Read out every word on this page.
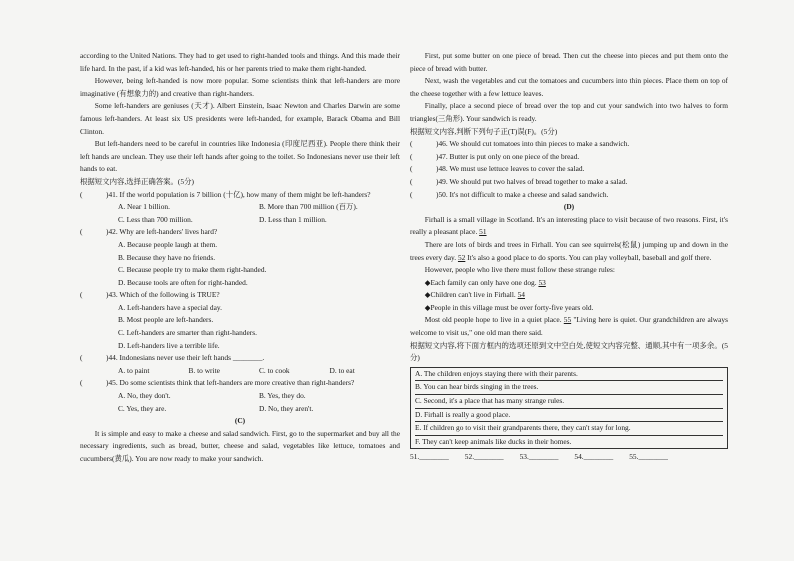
according to the United Nations. They had to get used to right-handed tools and things. And this made their life hard. In the past, if a kid was left-handed, his or her parents tried to make them right-handed.

However, being left-handed is now more popular. Some scientists think that left-handers are more imaginative (有想象力的) and creative than right-handers.

Some left-handers are geniuses (天才). Albert Einstein, Isaac Newton and Charles Darwin are some famous left-handers. At least six US presidents were left-handed, for example, Barack Obama and Bill Clinton.

But left-handers need to be careful in countries like Indonesia (印度尼西亚). People there think their left hands are unclean. They use their left hands after going to the toilet. So Indonesians never use their left hands to eat.

根据短文内容,选择正确答案。(5分)

(	)41. If the world population is 7 billion (十亿), how many of them might be left-handers?
A. Near 1 billion.	B. More than 700 million (百万).
C. Less than 700 million.	D. Less than 1 million.
(	)42. Why are left-handers' lives hard?
A. Because people laugh at them.
B. Because they have no friends.
C. Because people try to make them right-handed.
D. Because tools are often for right-handed.
(	)43. Which of the following is TRUE?
A. Left-handers have a special day.
B. Most people are left-handers.
C. Left-handers are smarter than right-handers.
D. Left-handers live a terrible life.
(	)44. Indonesians never use their left hands ________.
A. to paint	B. to write	C. to cook	D. to eat
(	)45. Do some scientists think that left-handers are more creative than right-handers?
A. No, they don't.	B. Yes, they do.
C. Yes, they are.	D. No, they aren't.
(C)

It is simple and easy to make a cheese and salad sandwich. First, go to the supermarket and buy all the necessary ingredients, such as bread, butter, cheese and salad, vegetables like lettuce, tomatoes and cucumbers(黄瓜). You are now ready to make your sandwich.

First, put some butter on one piece of bread. Then cut the cheese into pieces and put them onto the piece of bread with butter.

Next, wash the vegetables and cut the tomatoes and cucumbers into thin pieces. Place them on top of the cheese together with a few lettuce leaves.

Finally, place a second piece of bread over the top and cut your sandwich into two halves to form triangles(三角形). Your sandwich is ready.

根据短文内容,判断下列句子正(T)误(F)。(5分)

(	)46. We should cut tomatoes into thin pieces to make a sandwich.
(	)47. Butter is put only on one piece of the bread.
(	)48. We must use lettuce leaves to cover the salad.
(	)49. We should put two halves of bread together to make a salad.
(	)50. It's not difficult to make a cheese and salad sandwich.
(D)

Firhall is a small village in Scotland. It's an interesting place to visit because of two reasons. First, it's really a pleasant place. 51

There are lots of birds and trees in Firhall. You can see squirrels(松鼠) jumping up and down in the trees every day. 52 It's also a good place to do sports. You can play volleyball, baseball and golf there.

However, people who live there must follow these strange rules:

◆Each family can only have one dog. 53

◆Children can't live in Firhall. 54

◆People in this village must be over forty-five years old.

Most old people hope to live in a quiet place. 55 "Living here is quiet. Our grandchildren are always welcome to visit us," one old man there said.

根据短文内容,将下面方框内的选项还原到文中空白处,使短文内容完整、通顺,其中有一项多余。(5分)

A. The children enjoys staying there with their parents.
B. You can hear birds singing in the trees.
C. Second, it's a place that has many strange rules.
D. Firhall is really a good place.
E. If children go to visit their grandparents there, they can't stay for long.
F. They can't keep animals like ducks in their homes.
51. ________	52. ________	53. ________	54. ________	55. ________
